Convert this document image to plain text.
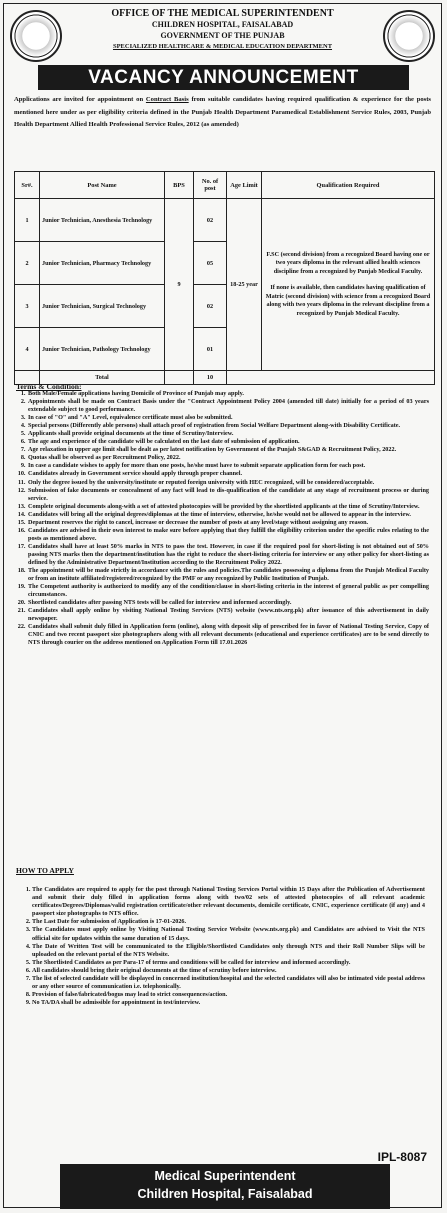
OFFICE OF THE MEDICAL SUPERINTENDENT
CHILDREN HOSPITAL, FAISALABAD
GOVERNMENT OF THE PUNJAB
SPECIALIZED HEALTHCARE & MEDICAL EDUCATION DEPARTMENT
VACANCY ANNOUNCEMENT
Applications are invited for appointment on Contract Basis from suitable candidates having required qualification & experience for the posts mentioned here under as per eligibility criteria defined in the Punjab Health Department Paramedical Establishment Service Rules, 2003, Punjab Health Department Allied Health Professional Service Rules, 2012 (as amended)
Sr#.	Post Name	BPS	No. of post	Age Limit	Qualification Required
1	Junior Technician, Anesthesia Technology	9	02	18-25 year	F.SC (second division) from a recognized Board having one or two years diploma in the relevant allied health sciences discipline from a recognized by Punjab Medical Faculty.
If none is available, then candidates having qualification of Matric (second division) with science from a recognized Board along with two years diploma in the relevant discipline from a recognized by Punjab Medical Faculty.

2	Junior Technician, Pharmacy Technology		05		
3	Junior Technician, Surgical Technology		02		
4	Junior Technician, Pathology Technology		01		
	Total		10		
Terms & Condition:
1. Both Male/Female applications having Domicile of Province of Punjab may apply.
2. Appointments shall be made on Contract Basis under the "Contract Appointment Policy 2004 (amended till date) initially for a period of 03 years extendable subject to good performance.
3. In case of "O" and "A" Level, equivalence certificate must also be submitted.
4. Special persons (Differently able persons) shall attach proof of registration from Social Welfare Department along-with Disability Certificate.
5. Applicants shall provide original documents at the time of Scrutiny/Interview.
6. The age and experience of the candidate will be calculated on the last date of submission of application.
7. Age relaxation in upper age limit shall be dealt as per latest notification by Government of the Punjab S&GAD & Recruitment Policy, 2022.
8. Quotas shall be observed as per Recruitment Policy, 2022.
9. In case a candidate wishes to apply for more than one posts, he/she must have to submit separate application form for each post.
10. Candidates already in Government service should apply through proper channel.
11. Only the degree issued by the university/institute or reputed foreign university with HEC recognized, will be considered/acceptable.
12. Submission of fake documents or concealment of any fact will lead to dis-qualification of the candidate at any stage of recruitment process or during service.
13. Complete original documents along-with a set of attested photocopies will be provided by the shortlisted applicants at the time of Scrutiny/Interview.
14. Candidates will bring all the original degrees/diplomas at the time of interview, otherwise, he/she would not be allowed to appear in the interview.
15. Department reserves the right to cancel, increase or decrease the number of posts at any level/stage without assigning any reason.
16. Candidates are advised in their own interest to make sure before applying that they fulfill the eligibility criterion under the specific rules relating to the posts as mentioned above.
17. Candidates shall have at least 50% marks in NTS to pass the test. However, in case if the required pool for short-listing is not obtained out of 50% passing NTS marks then the department/institution has the right to reduce the short-listing criteria for interview or any other policy for short-listing as defined by the Administrative Department/Institution according to the Recruitment Policy 2022.
18. The appointment will be made strictly in accordance with the rules and policies.The candidates possessing a diploma from the Punjab Medical Faculty or from an institute affiliated/registered/recognized by the PMF or any recognized by Public Institution of Punjab.
19. The Competent authority is authorized to modify any of the condition/clause in short-listing criteria in the interest of general public as per compelling circumstances.
20. Shortlisted candidates after passing NTS tests will be called for interview and informed accordingly.
21. Candidates shall apply online by visiting National Testing Services (NTS) website (www.nts.org.pk) after issuance of this advertisement in daily newspaper.
22. Candidates shall submit duly filled in Application form (online), along with deposit slip of prescribed fee in favor of National Testing Service, Copy of CNIC and two recent passport size photographers along with all relevant documents (educational and experience certificates) are to be send directly to NTS through courier on the address mentioned on Application Form till 17.01.2026
HOW TO APPLY
1. The Candidates are required to apply for the post through National Testing Services Portal within 15 Days after the Publication of Advertisement and submit their duly filled in application forms along with two/02 sets of attested photocopies of all relevant academic certificates/Degrees/Diplomas/valid registration certificate/other relevant documents, domicile certificate, CNIC, experience certificate (if any) and 4 passport size photographs to NTS office.
2. The Last Date for submission of Application is 17-01-2026.
3. The Candidates must apply online by Visiting National Testing Service Website (www.nts.org.pk) and Candidates are advised to Visit the NTS official site for updates within the same duration of 15 days.
4. The Date of Written Test will be communicated to the Eligible/Shortlisted Candidates only through NTS and their Roll Number Slips will be uploaded on the relevant portal of the NTS Website.
5. The Shortlisted Candidates as per Para-17 of terms and conditions will be called for interview and informed accordingly.
6. All candidates should bring their original documents at the time of scrutiny before interview.
7. The list of selected candidate will be displayed in concerned institution/hospital and the selected candidates will also be intimated vide postal address or any other source of communication i.e. telephonically.
8. Provision of false/fabricated/bogus may lead to strict consequences/action.
9. No TA/DA shall be admissible for appointment in test/interview.
IPL-8087
Medical Superintendent
Children Hospital, Faisalabad
